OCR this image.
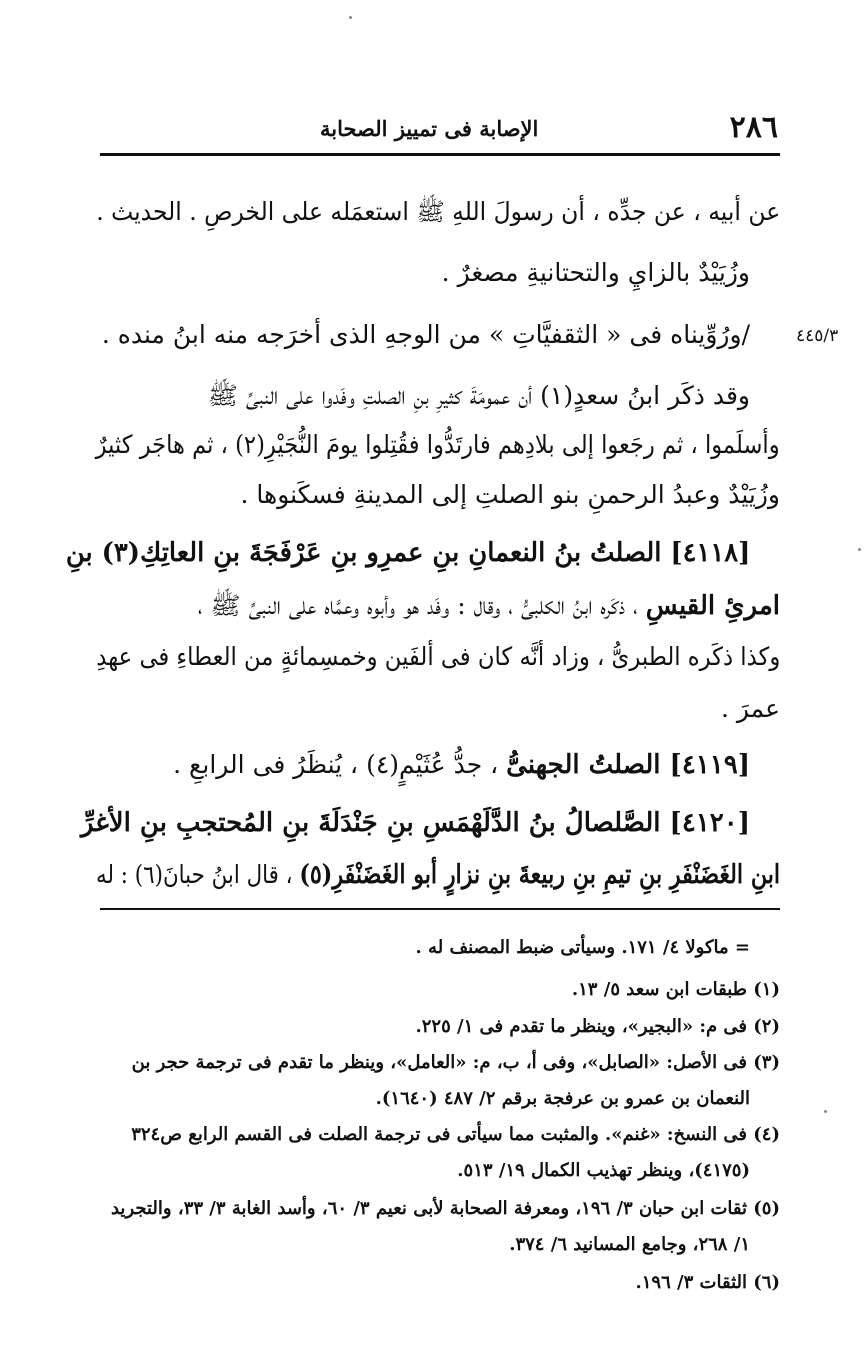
٢٨٦
الإصابة فى تمييز الصحابة
٤٤٥/٣
عن أبيه ، عن جدِّه ، أن رسولَ اللهِ ﷺ استعمَله على الخرصِ . الحديث .
وزُيَيْدٌ بالزايِ والتحتانيةِ مصغرٌ .
/ورُوِّيناه فى « الثقفيَّاتِ » من الوجهِ الذى أخرَجه منه ابنُ منده .
وقد ذكَر ابنُ سعدٍ(١) أن عمومَةَ كثيرِ بنِ الصلتِ وفَدوا على النبىِّ ﷺ
وأسلَموا ، ثم رجَعوا إلى بلادِهم فارتَدُّوا فقُتِلوا يومَ النُّجَيْرِ(٢) ، ثم هاجَر كثيرٌ
وزُيَيْدٌ وعبدُ الرحمنِ بنو الصلتِ إلى المدينةِ فسكَنوها .
[٤١١٨] الصلتُ بنُ النعمانِ بنِ عمرِو بنِ عَرْفَجَةَ بنِ العاتِكِ(٣) بنِ
امرئِ القيسِ ، ذكَره ابنُ الكلبىُّ ، وقال : وفَد هو وأبوه وعمَّاه على النبىِّ ﷺ ،
وكذا ذكَره الطبرىُّ ، وزاد أنَّه كان فى ألفَين وخمسِمائةٍ من العطاءِ فى عهدِ
عمرَ .
[٤١١٩] الصلتُ الجهنىُّ ، جدُّ عُثَيْمٍ(٤) ، يُنظَرُ فى الرابعِ .
[٤١٢٠] الصَّلصالُ بنُ الدَّلَهْمَسِ بنِ جَنْدَلَةَ بنِ المُحتجبِ بنِ الأغرِّ
ابنِ الغَضَنْفَرِ بنِ تيمِ بنِ ربيعةَ بنِ نزارٍ أبو الغَضَنْفَرِ(٥) ، قال ابنُ حبانَ(٦) : له
= ماكولا ٤/ ١٧١. وسيأتى ضبط المصنف له .
(١) طبقات ابن سعد ٥/ ١٣.
(٢) فى م: «البجير»، وينظر ما تقدم فى ١/ ٢٢٥.
(٣) فى الأصل: «الصابل»، وفى أ، ب، م: «العامل»، وينظر ما تقدم فى ترجمة حجر بن
النعمان بن عمرو بن عرفجة برقم ٢/ ٤٨٧ (١٦٤٠).
(٤) فى النسخ: «غنم». والمثبت مما سيأتى فى ترجمة الصلت فى القسم الرابع ص٣٢٤
(٤١٧٥)، وينظر تهذيب الكمال ١٩/ ٥١٣.
(٥) ثقات ابن حبان ٣/ ١٩٦، ومعرفة الصحابة لأبى نعيم ٣/ ٦٠، وأسد الغابة ٣/ ٣٣، والتجريد
١/ ٢٦٨، وجامع المسانيد ٦/ ٣٧٤.
(٦) الثقات ٣/ ١٩٦.
